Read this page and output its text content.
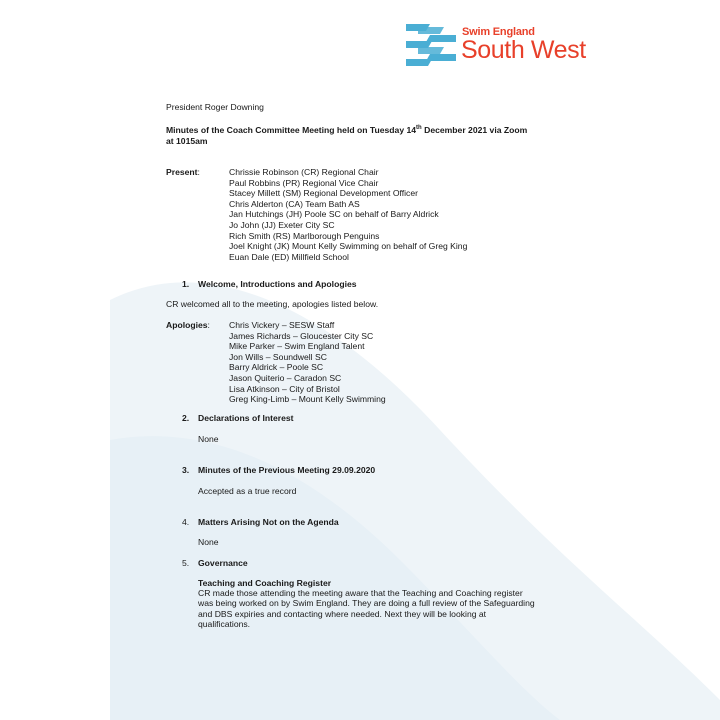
Swim England
South West
President Roger Downing
Minutes of the Coach Committee Meeting held on Tuesday 14th December 2021 via Zoom
at 1015am
Present:	Chrissie Robinson (CR) Regional Chair
Paul Robbins (PR) Regional Vice Chair
Stacey Millett (SM) Regional Development Officer
Chris Alderton (CA) Team Bath AS
Jan Hutchings (JH) Poole SC on behalf of Barry Aldrick
Jo John (JJ) Exeter City SC
Rich Smith (RS) Marlborough Penguins
Joel Knight (JK) Mount Kelly Swimming on behalf of Greg King
Euan Dale (ED) Millfield School
1. Welcome, Introductions and Apologies
CR welcomed all to the meeting, apologies listed below.
Apologies: Chris Vickery – SESW Staff
James Richards – Gloucester City SC
Mike Parker – Swim England Talent
Jon Wills – Soundwell SC
Barry Aldrick – Poole SC
Jason Quiterio – Caradon SC
Lisa Atkinson – City of Bristol
Greg King-Limb – Mount Kelly Swimming
2. Declarations of Interest
None
3. Minutes of the Previous Meeting 29.09.2020
Accepted as a true record
4. Matters Arising Not on the Agenda
None
5. Governance
Teaching and Coaching Register
CR made those attending the meeting aware that the Teaching and Coaching register
was being worked on by Swim England. They are doing a full review of the Safeguarding
and DBS expiries and contacting where needed. Next they will be looking at
qualifications.
